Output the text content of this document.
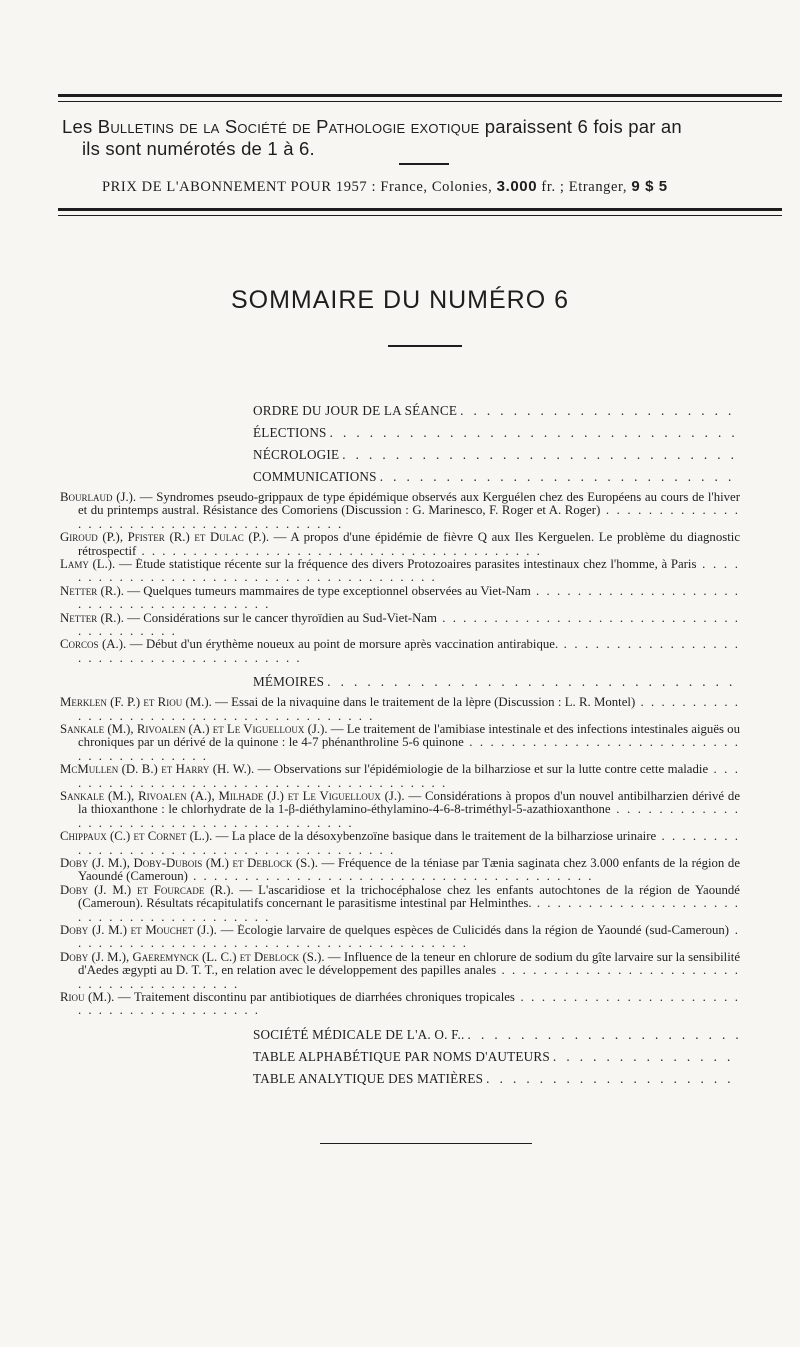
Les Bulletins de la Société de Pathologie exotique paraissent 6 fois par an
ils sont numérotés de 1 à 6.
PRIX DE L'ABONNEMENT POUR 1957 : France, Colonies, 3.000 fr. ; Etranger, 9 $ 5
SOMMAIRE DU NUMÉRO 6
ORDRE DU JOUR DE LA SÉANCE
. . .
ÉLECTIONS
. . .
NÉCROLOGIE
. . .
COMMUNICATIONS
. . .
Bourlaud (J.). — Syndromes pseudo-grippaux de type épidémique observés aux Kerguélen chez des Européens au cours de l'hiver et du printemps austral. Résistance des Comoriens (Discussion : G. Marinesco, F. Roger et A. Roger) . . . . . . . . . . . . . . . . . . . . . . . . . . . . . . . . . . . . . . .
Giroud (P.), Pfister (R.) et Dulac (P.). — A propos d'une épidémie de fièvre Q aux Iles Kerguelen. Le problème du diagnostic rétrospectif . . . . . . . . . . . . . . . . . . . . . . . . . . . . . . . . . . . . . . .
Lamy (L.). — Étude statistique récente sur la fréquence des divers Protozoaires parasites intestinaux chez l'homme, à Paris . . . . . . . . . . . . . . . . . . . . . . . . . . . . . . . . . . . . . . .
Netter (R.). — Quelques tumeurs mammaires de type exceptionnel observées au Viet-Nam . . . . . . . . . . . . . . . . . . . . . . . . . . . . . . . . . . . . . . .
Netter (R.). — Considérations sur le cancer thyroïdien au Sud-Viet-Nam . . . . . . . . . . . . . . . . . . . . . . . . . . . . . . . . . . . . . . .
Corcos (A.). — Début d'un érythème noueux au point de morsure après vaccination antirabique. . . . . . . . . . . . . . . . . . . . . . . . . . . . . . . . . . . . . . . .
MÉMOIRES
. . .
Merklen (F. P.) et Riou (M.). — Essai de la nivaquine dans le traitement de la lèpre (Discussion : L. R. Montel) . . . . . . . . . . . . . . . . . . . . . . . . . . . . . . . . . . . . . . .
Sankale (M.), Rivoalen (A.) et Le Viguelloux (J.). — Le traitement de l'amibiase intestinale et des infections intestinales aiguës ou chroniques par un dérivé de la quinone : le 4-7 phénanthroline 5-6 quinone . . . . . . . . . . . . . . . . . . . . . . . . . . . . . . . . . . . . . . .
McMullen (D. B.) et Harry (H. W.). — Observations sur l'épidémiologie de la bilharziose et sur la lutte contre cette maladie . . . . . . . . . . . . . . . . . . . . . . . . . . . . . . . . . . . . . . .
Sankale (M.), Rivoalen (A.), Milhade (J.) et Le Viguelloux (J.). — Considérations à propos d'un nouvel antibilharzien dérivé de la thioxanthone : le chlorhydrate de la 1-β-diéthylamino-éthylamino-4-6-8-triméthyl-5-azathioxanthone . . . . . . . . . . . . . . . . . . . . . . . . . . . . . . . . . . . . . . .
Chippaux (C.) et Cornet (L.). — La place de la désoxybenzoïne basique dans le traitement de la bilharziose urinaire . . . . . . . . . . . . . . . . . . . . . . . . . . . . . . . . . . . . . . .
Doby (J. M.), Doby-Dubois (M.) et Deblock (S.). — Fréquence de la téniase par Tænia saginata chez 3.000 enfants de la région de Yaoundé (Cameroun) . . . . . . . . . . . . . . . . . . . . . . . . . . . . . . . . . . . . . . .
Doby (J. M.) et Fourcade (R.). — L'ascaridiose et la trichocéphalose chez les enfants autochtones de la région de Yaoundé (Cameroun). Résultats récapitulatifs concernant le parasitisme intestinal par Helminthes. . . . . . . . . . . . . . . . . . . . . . . . . . . . . . . . . . . . . . . .
Doby (J. M.) et Mouchet (J.). — Écologie larvaire de quelques espèces de Culicidés dans la région de Yaoundé (sud-Cameroun) . . . . . . . . . . . . . . . . . . . . . . . . . . . . . . . . . . . . . . .
Doby (J. M.), Gaeremynck (L. C.) et Deblock (S.). — Influence de la teneur en chlorure de sodium du gîte larvaire sur la sensibilité d'Aedes ægypti au D. T. T., en relation avec le développement des papilles anales . . . . . . . . . . . . . . . . . . . . . . . . . . . . . . . . . . . . . . .
Riou (M.). — Traitement discontinu par antibiotiques de diarrhées chroniques tropicales . . . . . . . . . . . . . . . . . . . . . . . . . . . . . . . . . . . . . . .
SOCIÉTÉ MÉDICALE DE L'A. O. F..
. . .
TABLE ALPHABÉTIQUE PAR NOMS D'AUTEURS
. . .
TABLE ANALYTIQUE DES MATIÈRES
. . .
